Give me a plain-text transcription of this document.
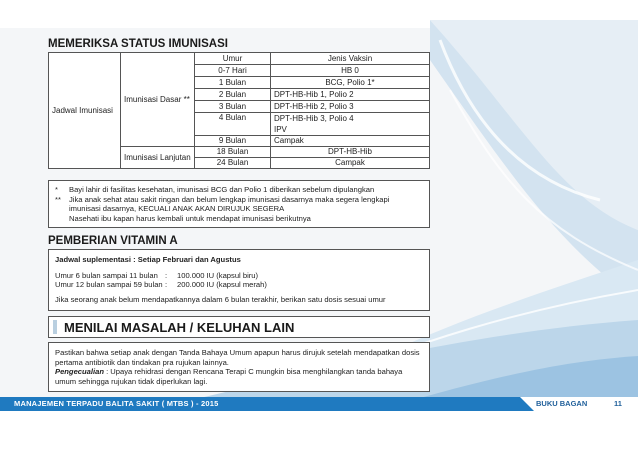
MEMERIKSA STATUS IMUNISASI
Jadwal Imunisasi	Imunisasi Dasar **	Umur	Jenis Vaksin
		0-7 Hari	HB 0
		1 Bulan	BCG, Polio 1*
		2 Bulan	DPT-HB-Hib 1, Polio 2
		3 Bulan	DPT-HB-Hib 2, Polio 3
		4 Bulan	DPT-HB-Hib 3, Polio 4
			IPV
		9 Bulan	Campak
	Imunisasi Lanjutan	18 Bulan	DPT-HB-Hib
		24 Bulan	Campak
*	Bayi lahir di fasilitas kesehatan, imunisasi BCG dan Polio 1 diberikan sebelum dipulangkan
**	Jika anak sehat atau sakit ringan dan belum lengkap imunisasi dasarnya maka segera lengkapi imunisasi dasarnya, KECUALI ANAK AKAN DIRUJUK SEGERA
Nasehati ibu kapan harus kembali untuk mendapat imunisasi berikutnya
PEMBERIAN VITAMIN A
Jadwal suplementasi : Setiap Februari dan Agustus
Umur 6 bulan sampai 11 bulan :	100.000 IU (kapsul biru)
Umur 12 bulan sampai 59 bulan :	200.000 IU (kapsul merah)
Jika seorang anak belum mendapatkannya dalam 6 bulan terakhir, berikan satu dosis sesuai umur
MENILAI MASALAH / KELUHAN LAIN
Pastikan bahwa setiap anak dengan Tanda Bahaya Umum apapun harus dirujuk setelah mendapatkan dosis pertama antibiotik dan tindakan pra rujukan lainnya.
Pengecualian : Upaya rehidrasi dengan Rencana Terapi C mungkin bisa menghilangkan tanda bahaya umum sehingga rujukan tidak diperlukan lagi.
MANAJEMEN TERPADU BALITA SAKIT ( MTBS ) - 2015	BUKU BAGAN	11
